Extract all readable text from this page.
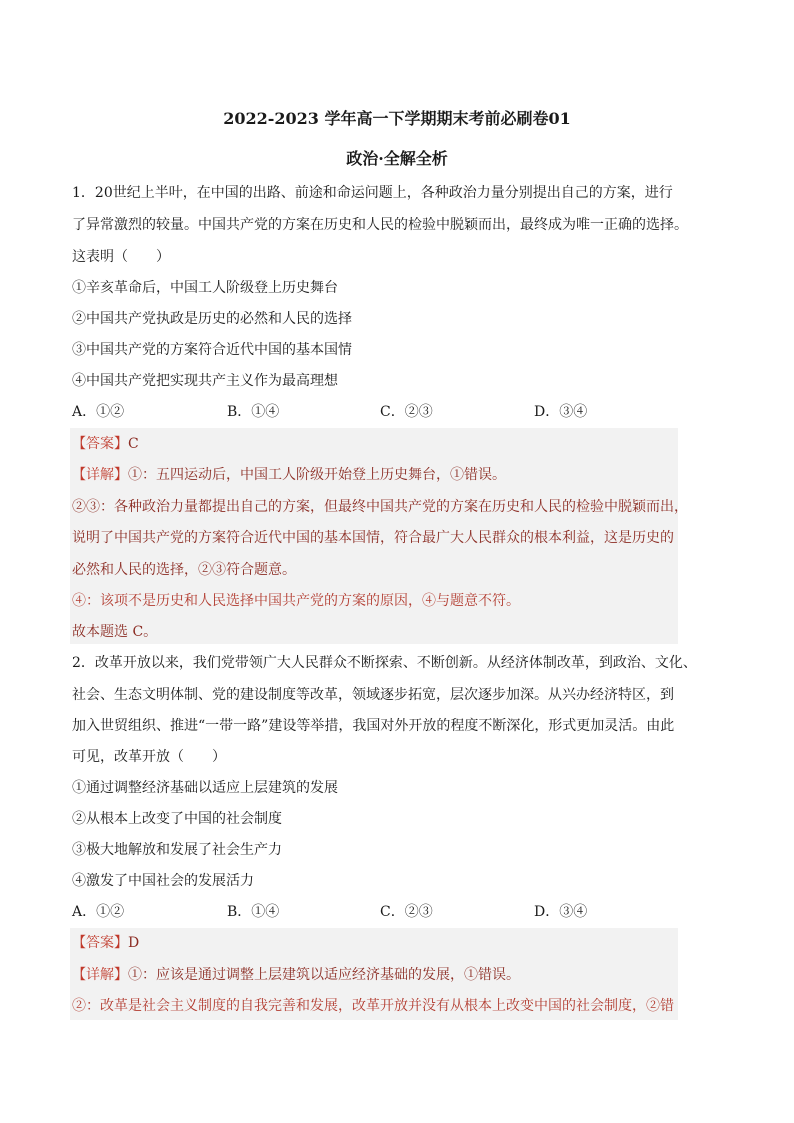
2022-2023 学年高一下学期期末考前必刷卷01
政治·全解全析
1．20世纪上半叶，在中国的出路、前途和命运问题上，各种政治力量分别提出自己的方案，进行
了异常激烈的较量。中国共产党的方案在历史和人民的检验中脱颖而出，最终成为唯一正确的选择。
这表明（　　）
①辛亥革命后，中国工人阶级登上历史舞台
②中国共产党执政是历史的必然和人民的选择
③中国共产党的方案符合近代中国的基本国情
④中国共产党把实现共产主义作为最高理想
A．①②	B．①④	C．②③	D．③④
【答案】C
【详解】①：五四运动后，中国工人阶级开始登上历史舞台，①错误。
②③：各种政治力量都提出自己的方案，但最终中国共产党的方案在历史和人民的检验中脱颖而出，
说明了中国共产党的方案符合近代中国的基本国情，符合最广大人民群众的根本利益，这是历史的
必然和人民的选择，②③符合题意。
④：该项不是历史和人民选择中国共产党的方案的原因，④与题意不符。
故本题选 C。
2．改革开放以来，我们党带领广大人民群众不断探索、不断创新。从经济体制改革，到政治、文化、
社会、生态文明体制、党的建设制度等改革，领域逐步拓宽，层次逐步加深。从兴办经济特区，到
加入世贸组织、推进“一带一路”建设等举措，我国对外开放的程度不断深化，形式更加灵活。由此
可见，改革开放（　　）
①通过调整经济基础以适应上层建筑的发展
②从根本上改变了中国的社会制度
③极大地解放和发展了社会生产力
④激发了中国社会的发展活力
A．①②	B．①④	C．②③	D．③④
【答案】D
【详解】①：应该是通过调整上层建筑以适应经济基础的发展，①错误。
②：改革是社会主义制度的自我完善和发展，改革开放并没有从根本上改变中国的社会制度，②错
